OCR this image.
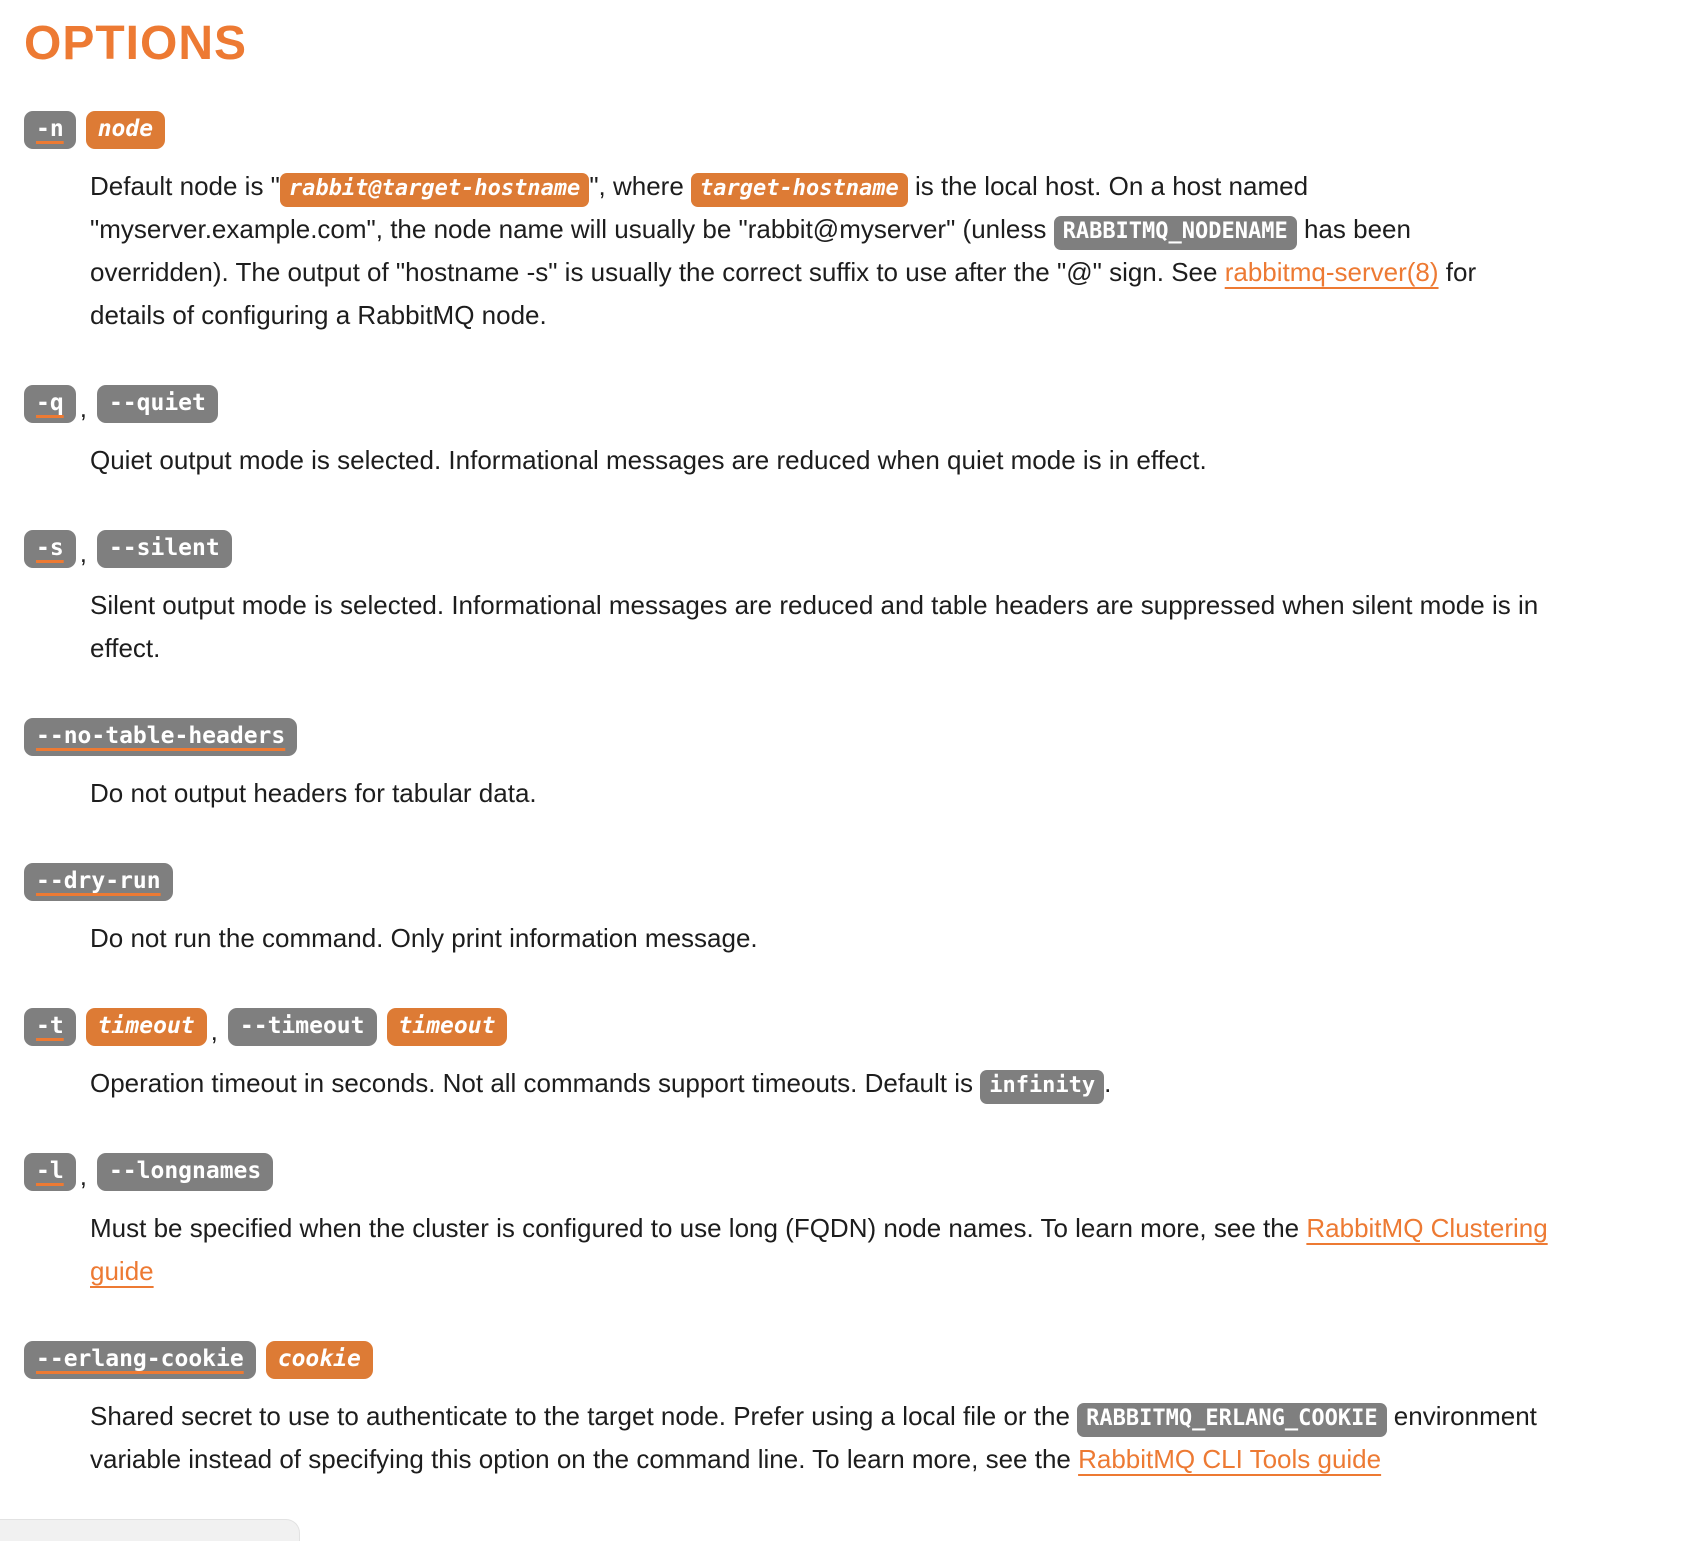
OPTIONS
-n	node
Default node is " rabbit@target-hostname ", where target-hostname is the local host. On a host named "myserver.example.com", the node name will usually be "rabbit@myserver" (unless RABBITMQ_NODENAME has been overridden). The output of "hostname -s" is usually the correct suffix to use after the "@" sign. See rabbitmq-server(8) for details of configuring a RabbitMQ node.
-q , --quiet
Quiet output mode is selected. Informational messages are reduced when quiet mode is in effect.
-s , --silent
Silent output mode is selected. Informational messages are reduced and table headers are suppressed when silent mode is in effect.
--no-table-headers
Do not output headers for tabular data.
--dry-run
Do not run the command. Only print information message.
-t	timeout , --timeout	timeout
Operation timeout in seconds. Not all commands support timeouts. Default is infinity .
-l , --longnames
Must be specified when the cluster is configured to use long (FQDN) node names. To learn more, see the RabbitMQ Clustering guide
--erlang-cookie	cookie
Shared secret to use to authenticate to the target node. Prefer using a local file or the RABBITMQ_ERLANG_COOKIE environment variable instead of specifying this option on the command line. To learn more, see the RabbitMQ CLI Tools guide
